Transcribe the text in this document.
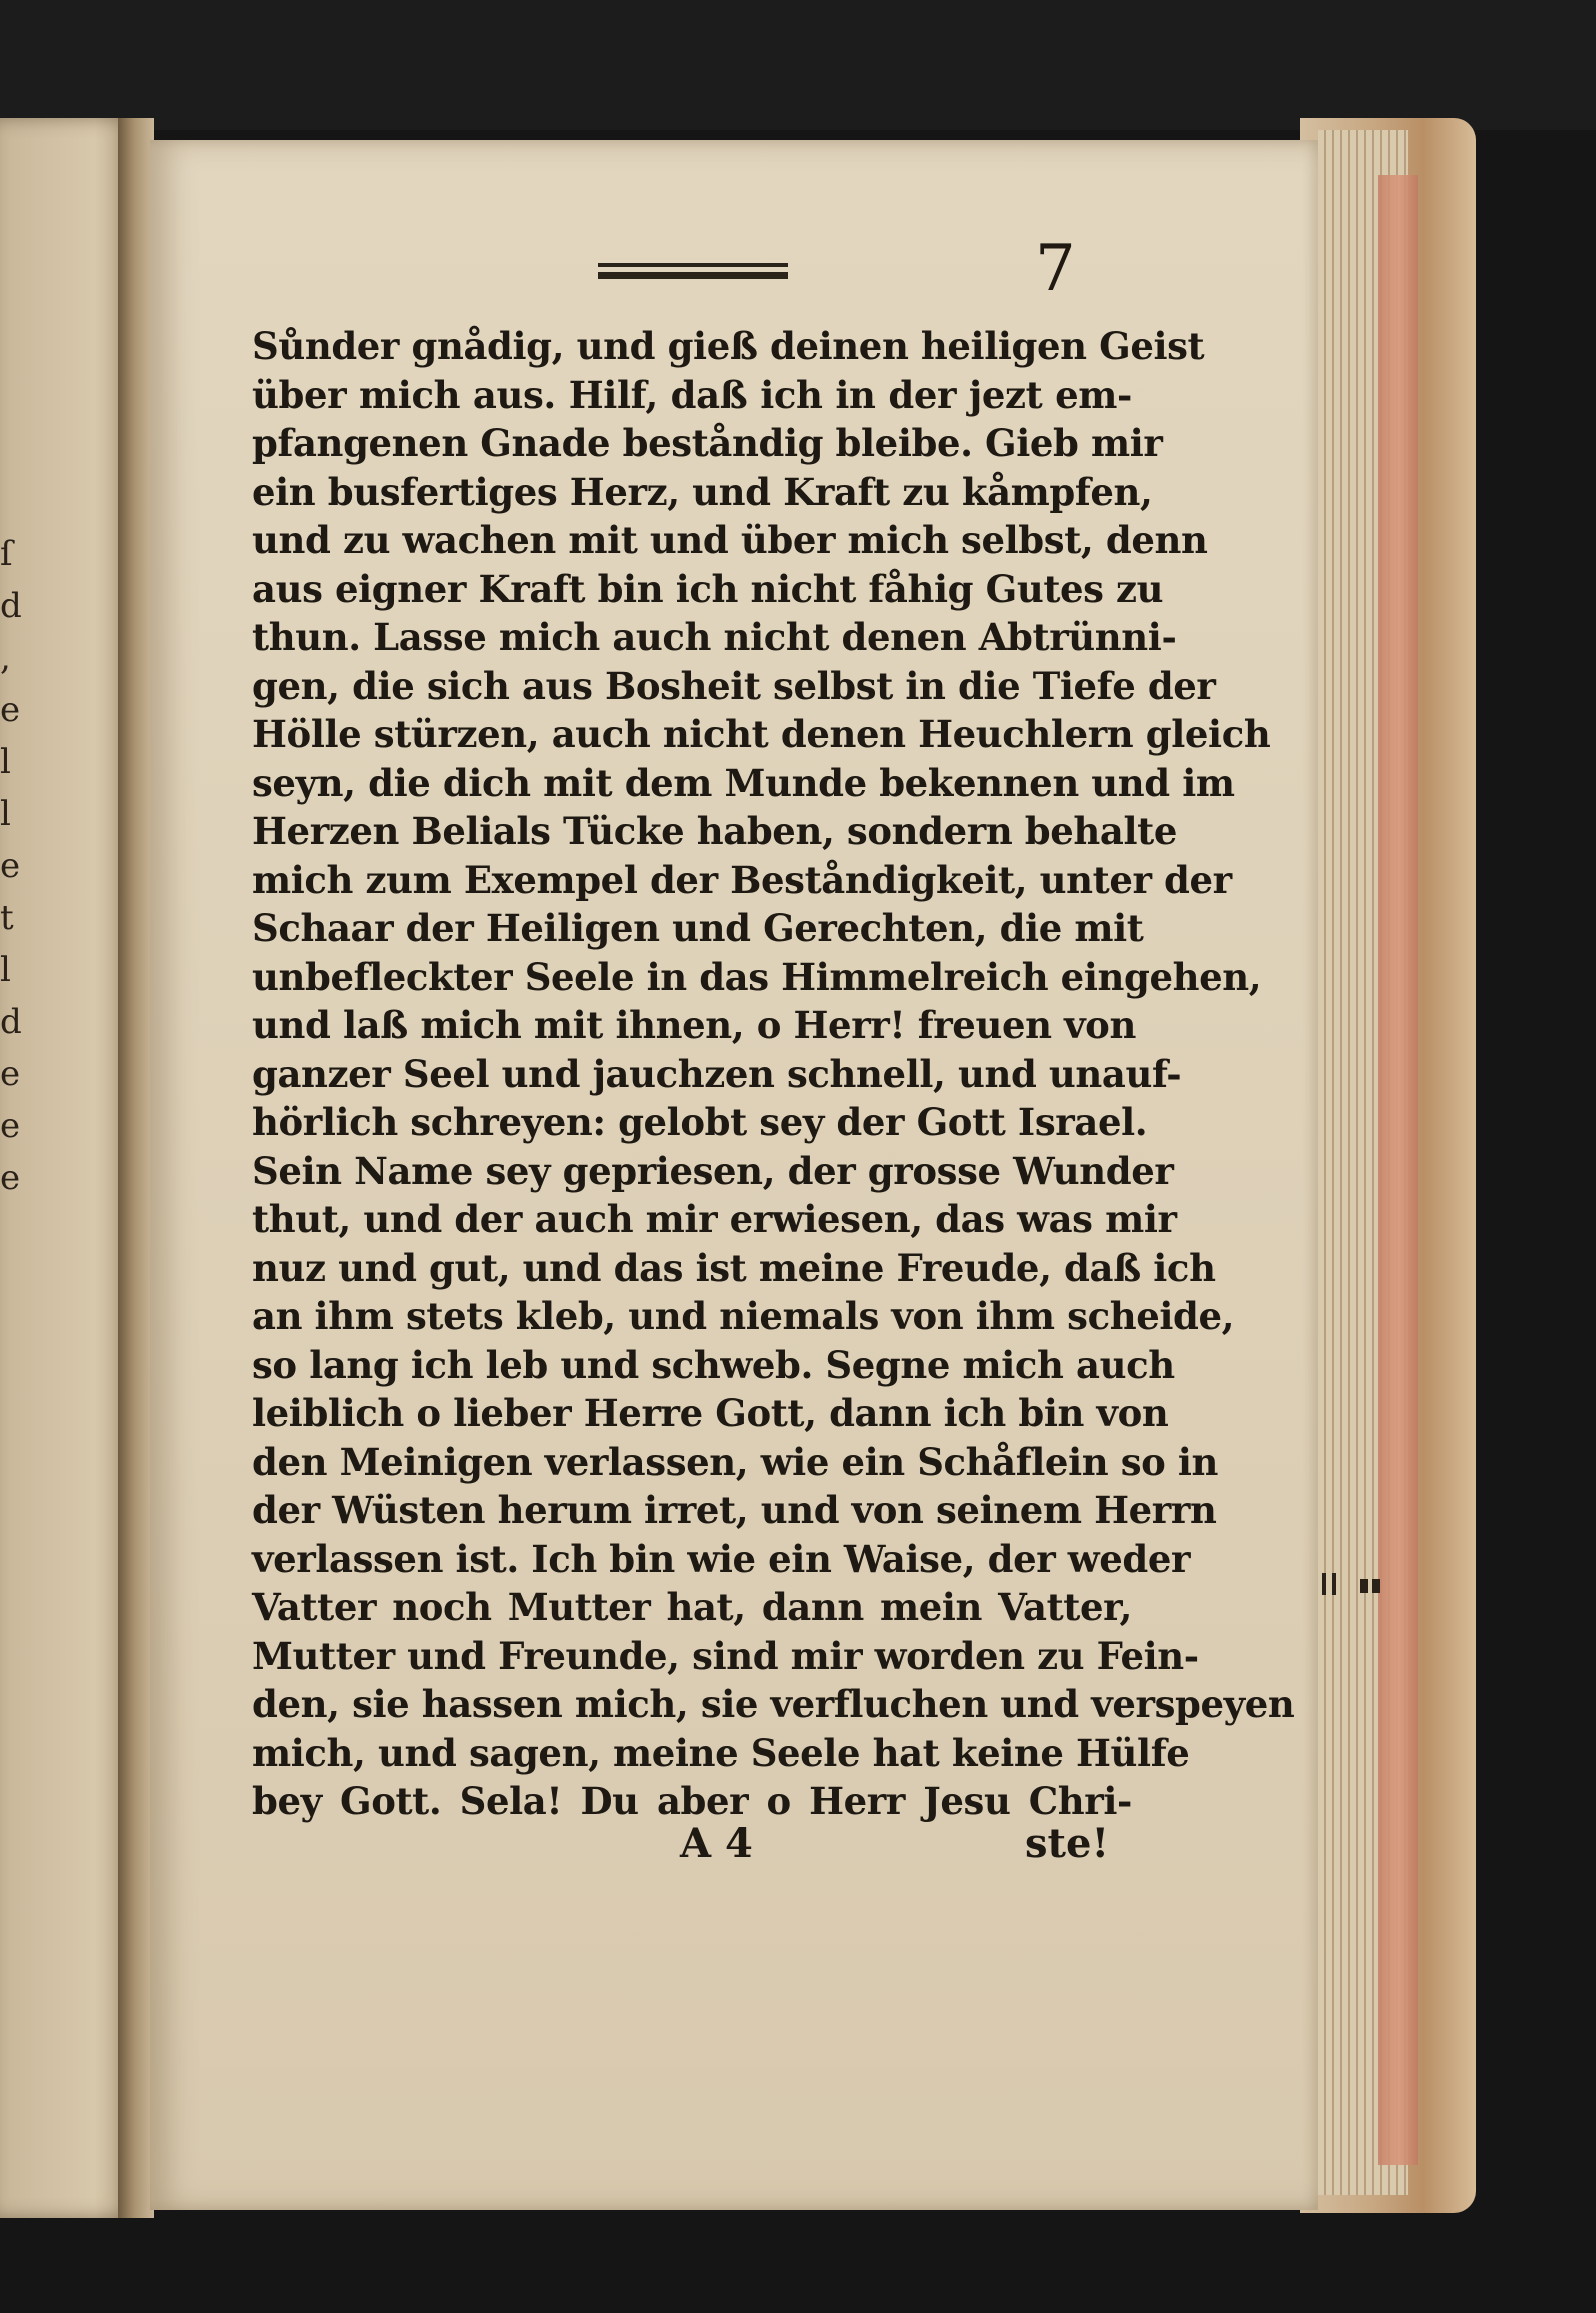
ſ
d
,
e
l
l
e
t
l
d
e
e
e
7
Sůnder gnådig, und gieß deinen heiligen Geist
über mich aus. Hilf, daß ich in der jezt em-
pfangenen Gnade beståndig bleibe. Gieb mir
ein busfertiges Herz, und Kraft zu kåmpfen,
und zu wachen mit und über mich selbst, denn
aus eigner Kraft bin ich nicht fåhig Gutes zu
thun. Lasse mich auch nicht denen Abtrünni-
gen, die sich aus Bosheit selbst in die Tiefe der
Hölle stürzen, auch nicht denen Heuchlern gleich
seyn, die dich mit dem Munde bekennen und im
Herzen Belials Tücke haben, sondern behalte
mich zum Exempel der Beståndigkeit, unter der
Schaar der Heiligen und Gerechten, die mit
unbefleckter Seele in das Himmelreich eingehen,
und laß mich mit ihnen, o Herr! freuen von
ganzer Seel und jauchzen schnell, und unauf-
hörlich schreyen: gelobt sey der Gott Israel.
Sein Name sey gepriesen, der grosse Wunder
thut, und der auch mir erwiesen, das was mir
nuz und gut, und das ist meine Freude, daß ich
an ihm stets kleb, und niemals von ihm scheide,
so lang ich leb und schweb. Segne mich auch
leiblich o lieber Herre Gott, dann ich bin von
den Meinigen verlassen, wie ein Schåflein so in
der Wüsten herum irret, und von seinem Herrn
verlassen ist. Ich bin wie ein Waise, der weder
Vatter noch Mutter hat, dann mein Vatter,
Mutter und Freunde, sind mir worden zu Fein-
den, sie hassen mich, sie verfluchen und verspeyen
mich, und sagen, meine Seele hat keine Hülfe
bey Gott. Sela! Du aber o Herr Jesu Chri-
A 4	ste!
